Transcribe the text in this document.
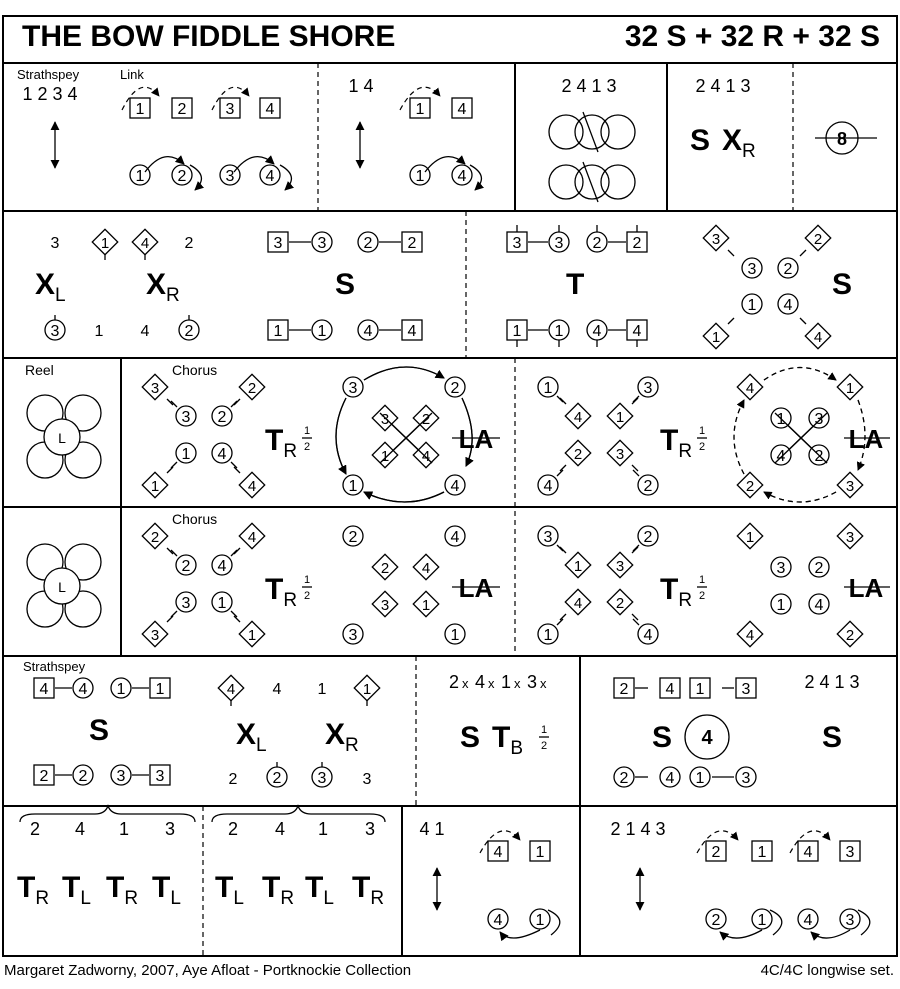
THE BOW FIDDLE SHORE	32 S + 32 R + 32 S
Strathspey	Link
1 2 3 4
1 2 3 4
1 2 3 4
1 4
1 4
1 4
2 4 1 3	2 4 1 3
S $X_R$
8
3	1 4 2
$X_L$	$X_R$
3 1 4 2
3 3 2 2
1 1 4 4
S
3 3 2 2
1 1 4 4
T
3	2
1	4
3 2
1 4
S
Reel
L
Chorus
3	2
1	4
3 2
1 4 $T_R$
1
2
3	2
1	4
3 2
1 4
LA
1	3
4	2
4 1
2 3 $T_R$
1
2
4	1
2	3
1 3
4 2
LA
L
Chorus
2	4
3	1
2 4
3 1 $T_R$
1
2
2	4
3	1
2 4
3 1
LA
3	2
1	4
1 3
4 2 $T_R$
1
2
1	3
4	2
3 2
1 4
LA
Strathspey
4 4 1 1
2 2 3 3
S
4 4 1 1
$X_L$ $X_R$
2 2 3 3
2 x 4 x 1 x 3 x
S $T_B$
1
2
2 4 1 3	2 4 1 3
S 4	S
2 4 1 3
2 4 1 3	2 4 1 3
$T_R$ $T_L$ $T_R$ $T_L$ $T_L$ $T_R$ $T_L$ $T_R$
4 1
4 1
4 1
2 1 4 3
2 1 4 3
2 1 4 3
Margaret Zadworny, 2007, Aye Afloat - Portknockie Collection	4C/4C longwise set.
